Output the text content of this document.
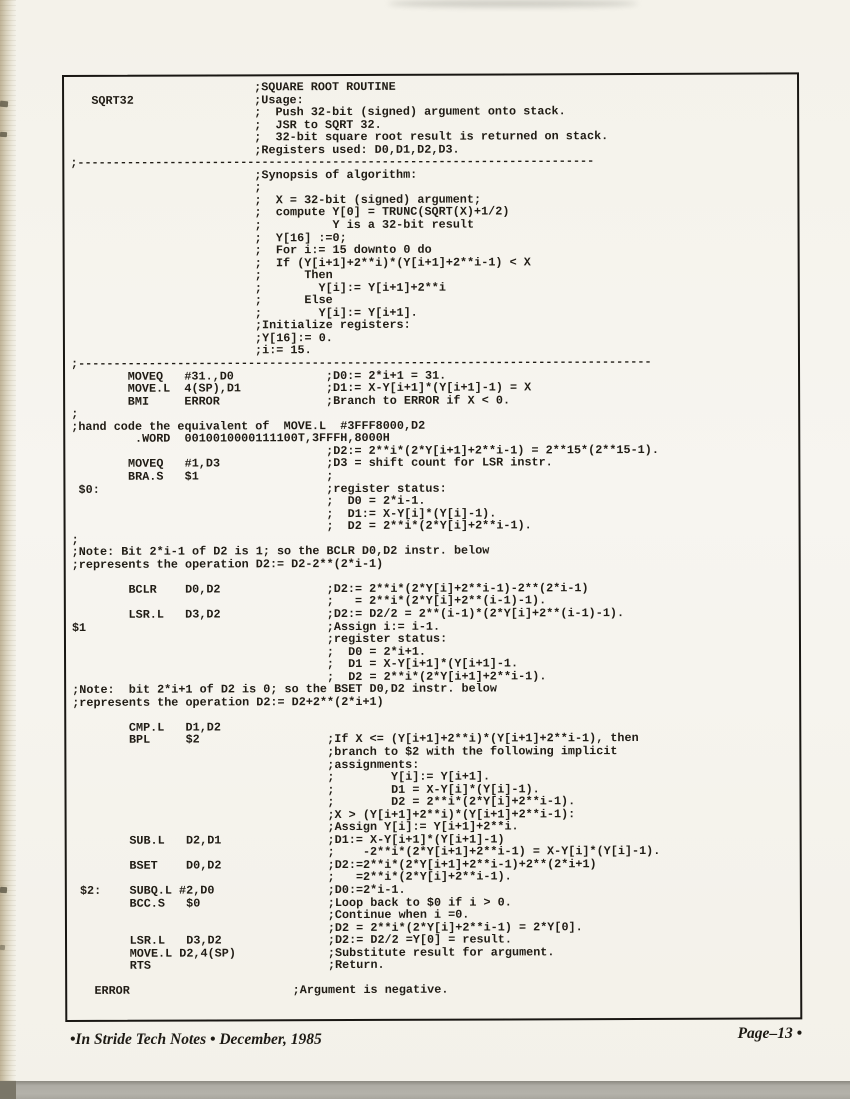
;SQUARE ROOT ROUTINE
SQRT32                 ;Usage:
;  Push 32-bit (signed) argument onto stack.
;  JSR to SQRT 32.
;  32-bit square root result is returned on stack.
;Registers used: D0,D1,D2,D3.
;-------------------------------------------------------------------------
;Synopsis of algorithm:
;
;  X = 32-bit (signed) argument;
;  compute Y[0] = TRUNC(SQRT(X)+1/2)
;          Y is a 32-bit result
;  Y[16] :=0;
;  For i:= 15 downto 0 do
;  If (Y[i+1]+2**i)*(Y[i+1]+2**i-1) < X
;      Then
;        Y[i]:= Y[i+1]+2**i
;      Else
;        Y[i]:= Y[i+1].
;Initialize registers:
;Y[16]:= 0.
;i:= 15.
;---------------------------------------------------------------------------------
MOVEQ   #31.,D0             ;D0:= 2*i+1 = 31.
MOVE.L  4(SP),D1            ;D1:= X-Y[i+1]*(Y[i+1]-1) = X
BMI     ERROR               ;Branch to ERROR if X < 0.
;
;hand code the equivalent of  MOVE.L  #3FFF8000,D2
.WORD  0010010000111100T,3FFFH,8000H
;D2:= 2**i*(2*Y[i+1]+2**i-1) = 2**15*(2**15-1).
MOVEQ   #1,D3               ;D3 = shift count for LSR instr.
BRA.S   $1                  ;
$0:                                ;register status:
;  D0 = 2*i-1.
;  D1:= X-Y[i]*(Y[i]-1).
;  D2 = 2**i*(2*Y[i]+2**i-1).
;
;Note: Bit 2*i-1 of D2 is 1; so the BCLR D0,D2 instr. below
;represents the operation D2:= D2-2**(2*i-1)

BCLR    D0,D2               ;D2:= 2**i*(2*Y[i]+2**i-1)-2**(2*i-1)
;   = 2**i*(2*Y[i]+2**(i-1)-1).
LSR.L   D3,D2               ;D2:= D2/2 = 2**(i-1)*(2*Y[i]+2**(i-1)-1).
$1                                  ;Assign i:= i-1.
;register status:
;  D0 = 2*i+1.
;  D1 = X-Y[i+1]*(Y[i+1]-1.
;  D2 = 2**i*(2*Y[i+1]+2**i-1).
;Note:  bit 2*i+1 of D2 is 0; so the BSET D0,D2 instr. below
;represents the operation D2:= D2+2**(2*i+1)

CMP.L   D1,D2
BPL     $2                  ;If X <= (Y[i+1]+2**i)*(Y[i+1]+2**i-1), then
;branch to $2 with the following implicit
;assignments:
;        Y[i]:= Y[i+1].
;        D1 = X-Y[i]*(Y[i]-1).
;        D2 = 2**i*(2*Y[i]+2**i-1).
;X > (Y[i+1]+2**i)*(Y[i+1]+2**i-1):
;Assign Y[i]:= Y[i+1]+2**i.
SUB.L   D2,D1               ;D1:= X-Y[i+1]*(Y[i+1]-1)
;    -2**i*(2*Y[i+1]+2**i-1) = X-Y[i]*(Y[i]-1).
BSET    D0,D2               ;D2:=2**i*(2*Y[i+1]+2**i-1)+2**(2*i+1)
;   =2**i*(2*Y[i]+2**i-1).
$2:    SUBQ.L #2,D0                ;D0:=2*i-1.
BCC.S   $0                  ;Loop back to $0 if i > 0.
;Continue when i =0.
;D2 = 2**i*(2*Y[i]+2**i-1) = 2*Y[0].
LSR.L   D3,D2               ;D2:= D2/2 =Y[0] = result.
MOVE.L D2,4(SP)             ;Substitute result for argument.
RTS                         ;Return.

ERROR                       ;Argument is negative.
•In Stride Tech Notes • December, 1985	Page–13 •
